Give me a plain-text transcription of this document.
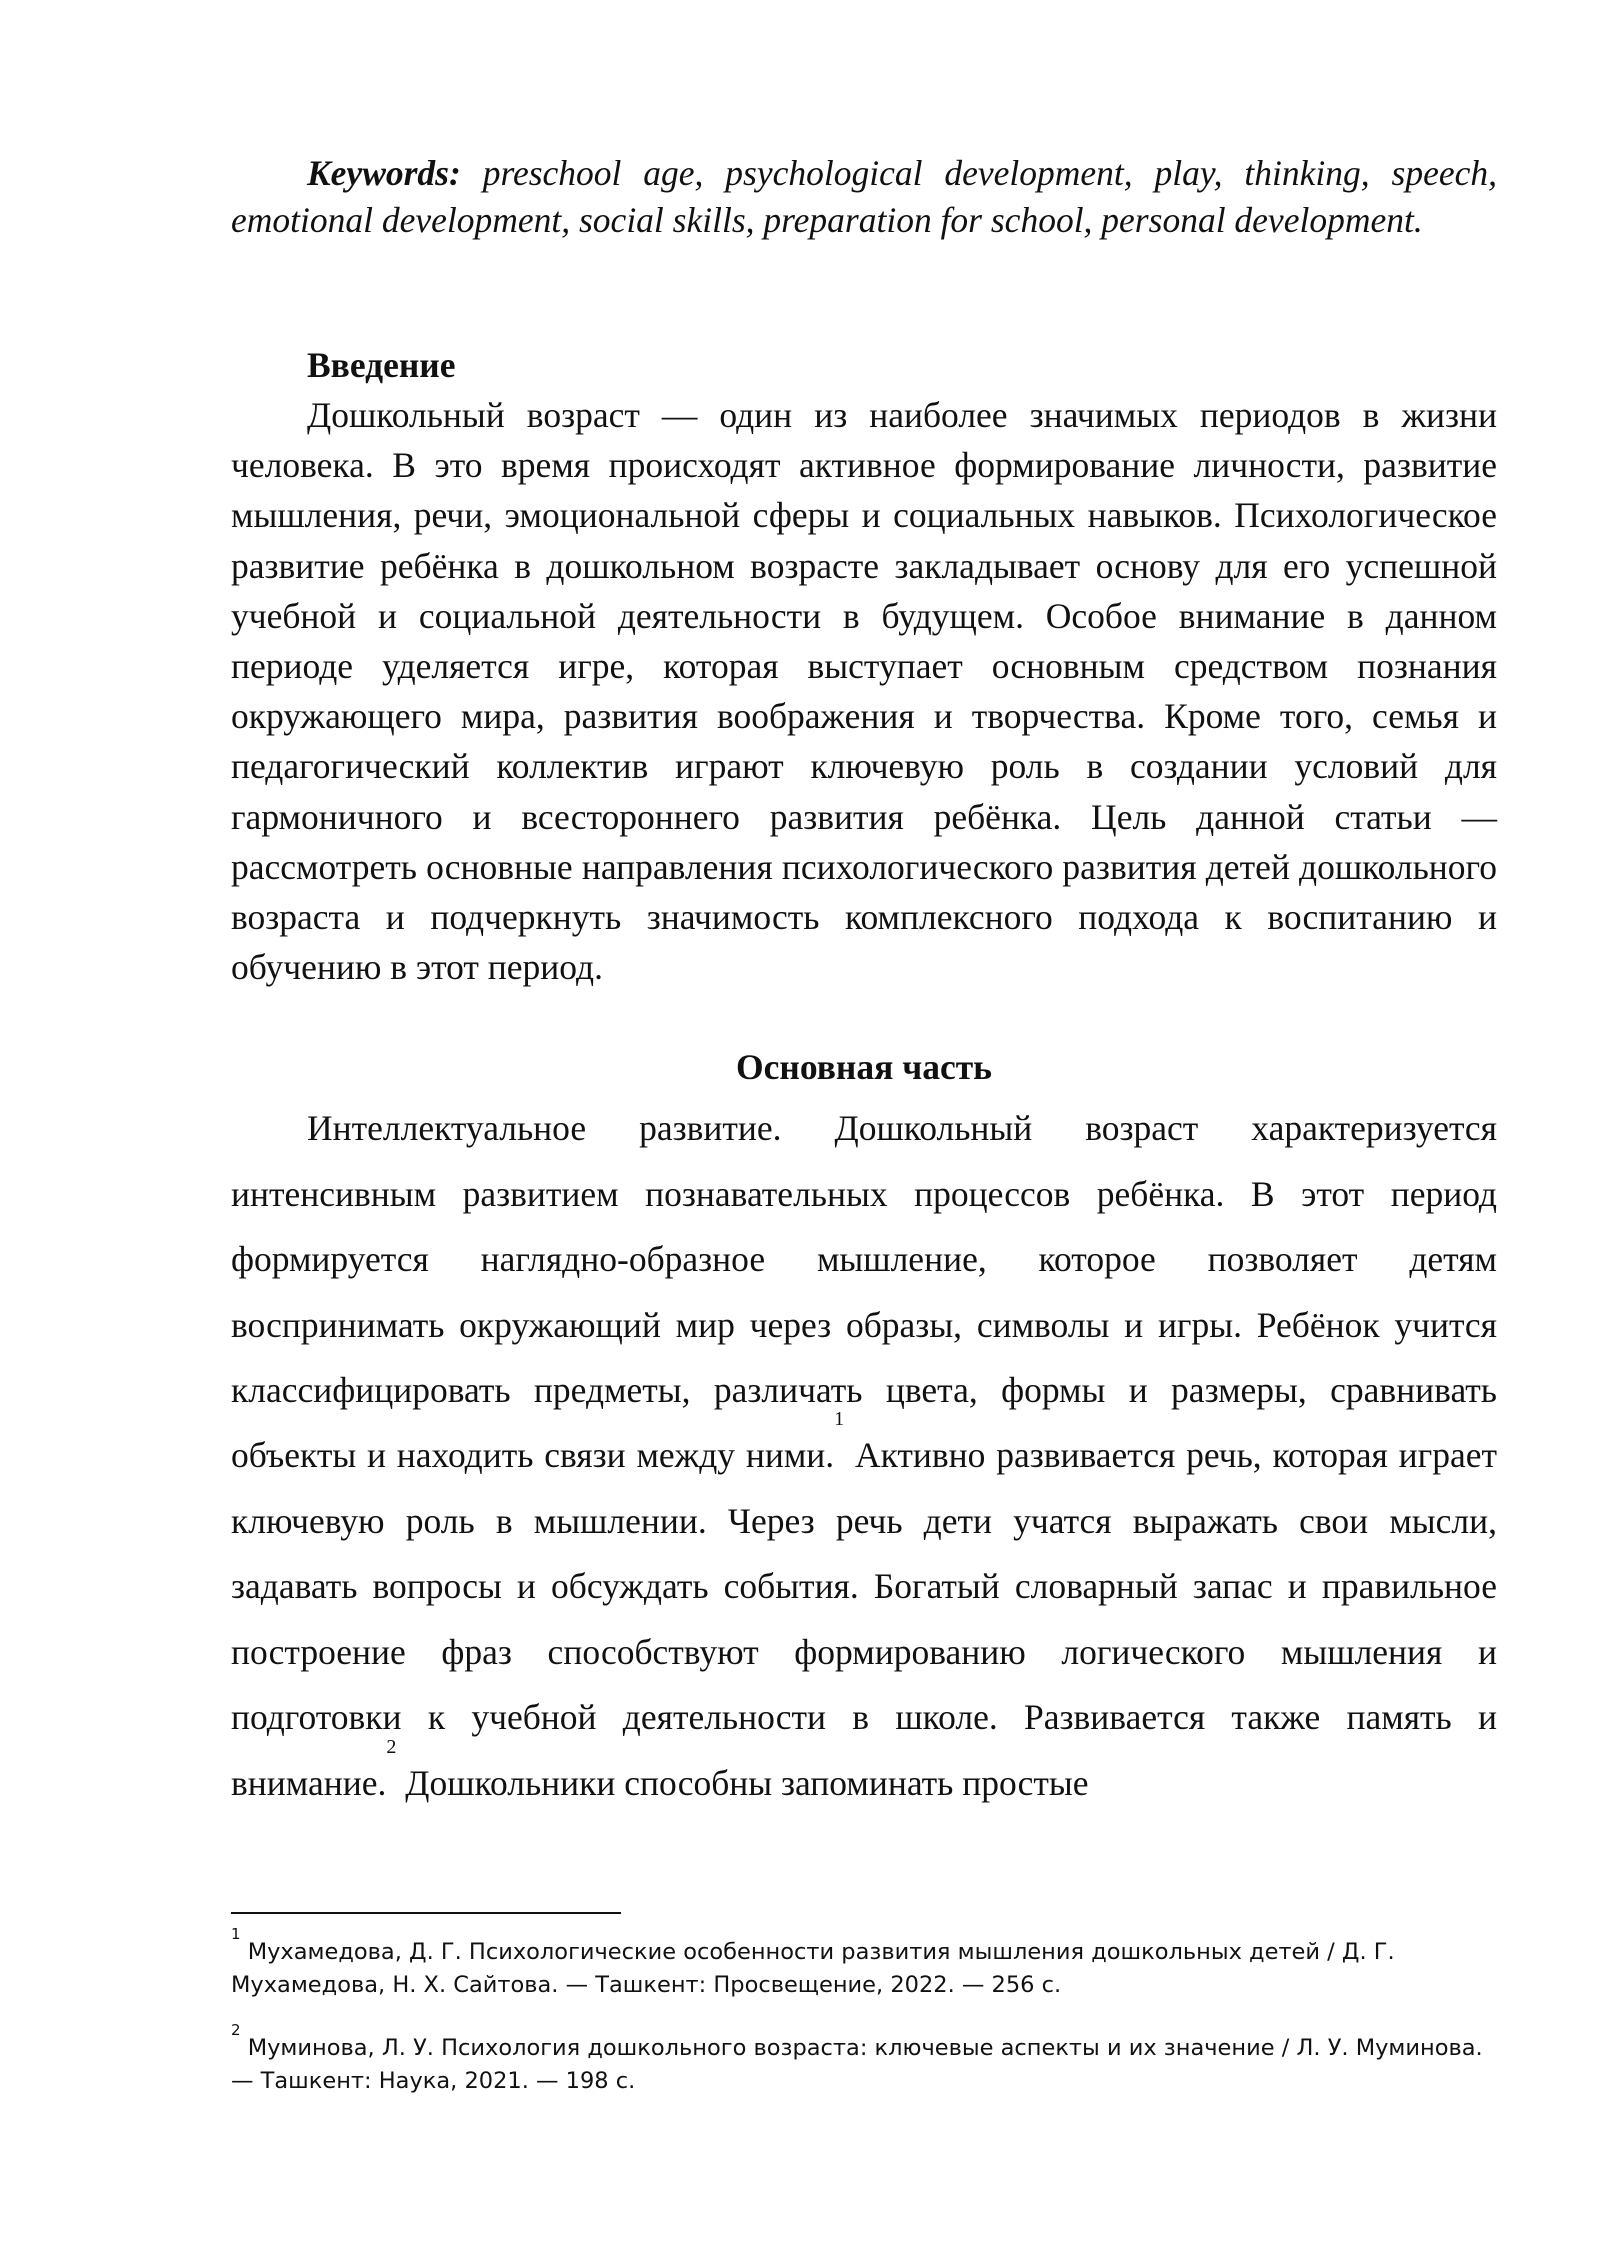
Keywords: preschool age, psychological development, play, thinking, speech, emotional development, social skills, preparation for school, personal development.

Введение

Дошкольный возраст — один из наиболее значимых периодов в жизни человека. В это время происходят активное формирование личности, развитие мышления, речи, эмоциональной сферы и социальных навыков. Психологическое развитие ребёнка в дошкольном возрасте закладывает основу для его успешной учебной и социальной деятельности в будущем. Особое внимание в данном периоде уделяется игре, которая выступает основным средством познания окружающего мира, развития воображения и творчества. Кроме того, семья и педагогический коллектив играют ключевую роль в создании условий для гармоничного и всестороннего развития ребёнка. Цель данной статьи — рассмотреть основные направления психологического развития детей дошкольного возраста и подчеркнуть значимость комплексного подхода к воспитанию и обучению в этот период.

Основная часть

Интеллектуальное развитие. Дошкольный возраст характеризуется интенсивным развитием познавательных процессов ребёнка. В этот период формируется наглядно-образное мышление, которое позволяет детям воспринимать окружающий мир через образы, символы и игры. Ребёнок учится классифицировать предметы, различать цвета, формы и размеры, сравнивать объекты и находить связи между ними.$^1$ Активно развивается речь, которая играет ключевую роль в мышлении. Через речь дети учатся выражать свои мысли, задавать вопросы и обсуждать события. Богатый словарный запас и правильное построение фраз способствуют формированию логического мышления и подготовки к учебной деятельности в школе. Развивается также память и внимание.$^2$ Дошкольники способны запоминать простые

$^1$ Мухамедова, Д. Г. Психологические особенности развития мышления дошкольных детей / Д. Г. Мухамедова, Н. Х. Сайтова. — Ташкент: Просвещение, 2022. — 256 с.

$^2$ Муминова, Л. У. Психология дошкольного возраста: ключевые аспекты и их значение / Л. У. Муминова. — Ташкент: Наука, 2021. — 198 с.
